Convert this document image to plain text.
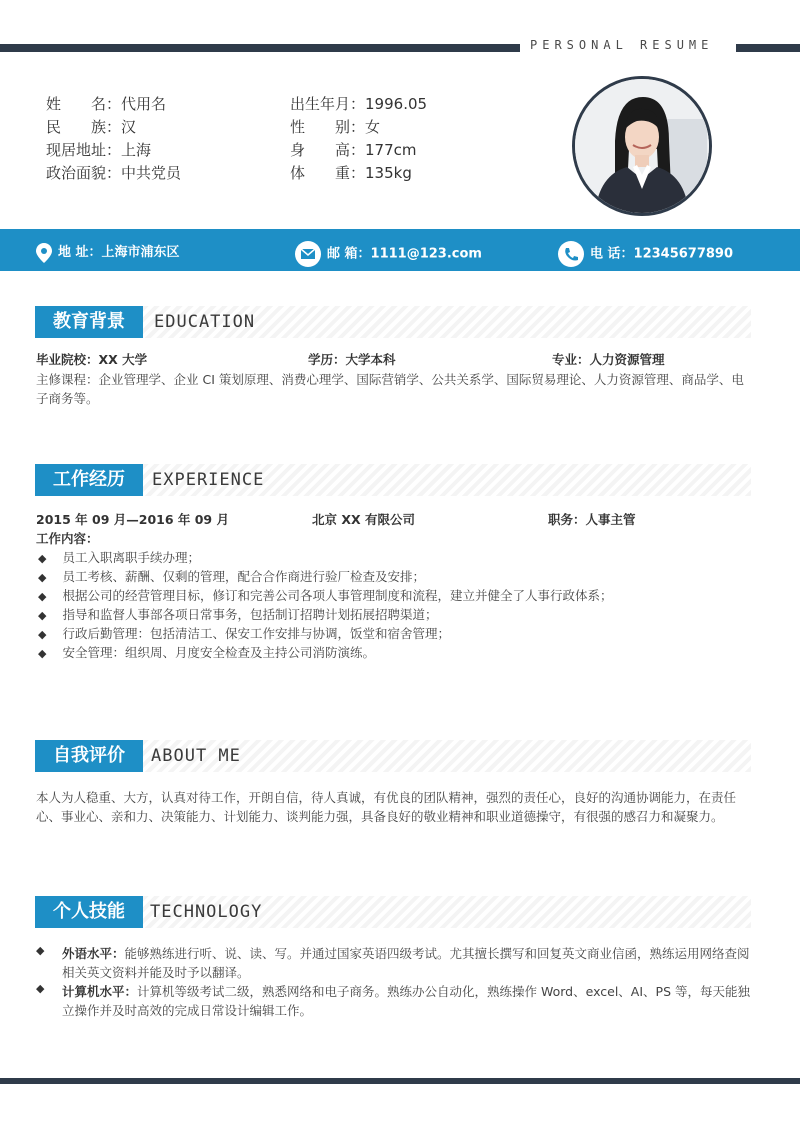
PERSONAL RESUME
姓　　名：代用名
民　　族：汉
现居地址：上海
政治面貌：中共党员
出生年月：1996.05
性　　别：女
身　　高：177cm
体　　重：135kg
地 址：上海市浦东区	邮 箱：1111@123.com	电 话：12345677890
教育背景	EDUCATION
毕业院校：XX 大学	学历：大学本科	专业：人力资源管理
主修课程：企业管理学、企业 CI 策划原理、消费心理学、国际营销学、公共关系学、国际贸易理论、人力资源管理、商品学、电子商务等。
工作经历	EXPERIENCE
2015 年 09 月—2016 年 09 月	北京 XX 有限公司	职务：人事主管
工作内容：
◆ 员工入职离职手续办理；
◆ 员工考核、薪酬、仅剩的管理，配合合作商进行验厂检查及安排；
◆ 根据公司的经营管理目标，修订和完善公司各项人事管理制度和流程，建立并健全了人事行政体系；
◆ 指导和监督人事部各项日常事务，包括制订招聘计划拓展招聘渠道；
◆ 行政后勤管理：包括清洁工、保安工作安排与协调，饭堂和宿舍管理；
◆ 安全管理：组织周、月度安全检查及主持公司消防演练。
自我评价	ABOUT ME
本人为人稳重、大方，认真对待工作，开朗自信，待人真诚，有优良的团队精神，强烈的责任心，良好的沟通协调能力，在责任心、事业心、亲和力、决策能力、计划能力、谈判能力强，具备良好的敬业精神和职业道德操守，有很强的感召力和凝聚力。
个人技能	TECHNOLOGY
◆ 外语水平：能够熟练进行听、说、读、写。并通过国家英语四级考试。尤其擅长撰写和回复英文商业信函，熟练运用网络查阅相关英文资料并能及时予以翻译。
◆ 计算机水平：计算机等级考试二级，熟悉网络和电子商务。熟练办公自动化，熟练操作 Word、excel、AI、PS 等，每天能独立操作并及时高效的完成日常设计编辑工作。
